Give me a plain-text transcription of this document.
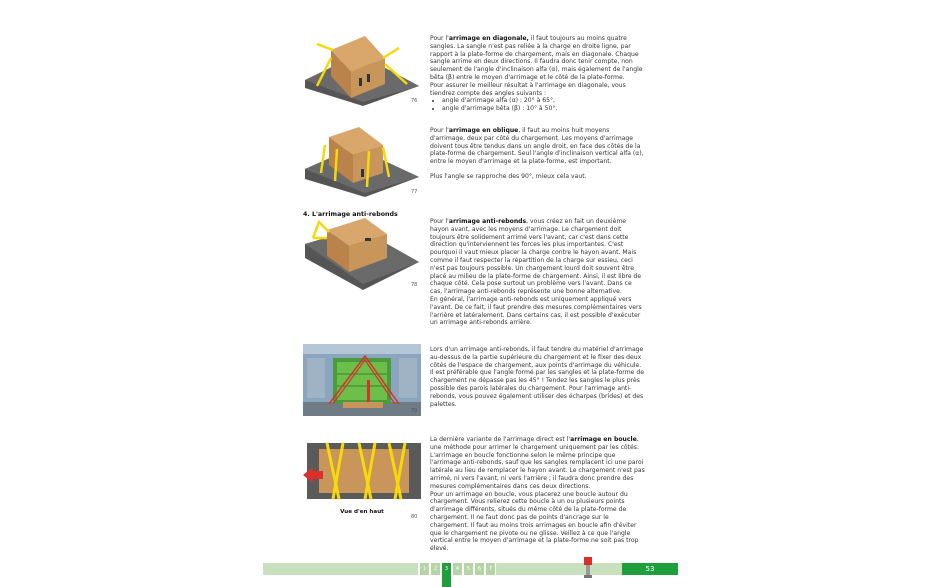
76
77

Pour l'arrimage en diagonale, il faut toujours au moins quatre sangles. La sangle n'est pas reliée à la charge en droite ligne, par rapport à la plate-forme de chargement, mais en diagonale. Chaque sangle arrime en deux directions. Il faudra donc tenir compte, non seulement de l'angle d'inclinaison alfa (α), mais également de l'angle bêta (β) entre le moyen d'arrimage et le côté de la plate-forme.

Pour assurer le meilleur résultat à l'arrimage en diagonale, vous tiendrez compte des angles suivants :

• angle d'arrimage alfa (α) : 20° à 65°,
• angle d'arrimage bêta (β) : 10° à 50°.

Pour l'arrimage en oblique, il faut au moins huit moyens d'arrimage, deux par côté du chargement. Les moyens d'arrimage doivent tous être tendus dans un angle droit, en face des côtés de la plate-forme de chargement. Seul l'angle d'inclinaison vertical alfa (α), entre le moyen d'arrimage et la plate-forme, est important.

Plus l'angle se rapproche des 90°, mieux cela vaut.

4. L'arrimage anti-rebonds
78

Pour l'arrimage anti-rebonds, vous créez en fait un deuxième hayon avant, avec les moyens d'arrimage. Le chargement doit toujours être solidement arrimé vers l'avant, car c'est dans cette direction qu'interviennent les forces les plus importantes. C'est pourquoi il vaut mieux placer la charge contre le hayon avant. Mais comme il faut respecter la répartition de la charge sur essieu, ceci n'est pas toujours possible. Un chargement lourd doit souvent être placé au milieu de la plate-forme de chargement. Ainsi, il est libre de chaque côté. Cela pose surtout un problème vers l'avant. Dans ce cas, l'arrimage anti-rebonds représente une bonne alternative.

En général, l'arrimage anti-rebonds est uniquement appliqué vers l'avant. De ce fait, il faut prendre des mesures complémentaires vers l'arrière et latéralement. Dans certains cas, il est possible d'exécuter un arrimage anti-rebonds arrière.

79

Lors d'un arrimage anti-rebonds, il faut tendre du matériel d'arrimage au-dessus de la partie supérieure du chargement et le fixer des deux côtés de l'espace de chargement, aux points d'arrimage du véhicule. Il est préférable que l'angle formé par les sangles et la plate-forme de chargement ne dépasse pas les 45° ! Tendez les sangles le plus près possible des parois latérales du chargement. Pour l'arrimage anti-rebonds, vous pouvez également utiliser des écharpes (brides) et des palettes.

Vue d'en haut
80

La dernière variante de l'arrimage direct est l'arrimage en boucle, une méthode pour arrimer le chargement uniquement par les côtés. L'arrimage en boucle fonctionne selon le même principe que l'arrimage anti-rebonds, sauf que les sangles remplacent ici une paroi latérale au lieu de remplacer le hayon avant. Le chargement n'est pas arrimé, ni vers l'avant, ni vers l'arrière ; il faudra donc prendre des mesures complémentaires dans ces deux directions.

Pour un arrimage en boucle, vous placerez une boucle autour du chargement. Vous relierez cette boucle à un ou plusieurs points d'arrimage différents, situés du même côté de la plate-forme de chargement. Il ne faut donc pas de points d'ancrage sur le chargement. Il faut au moins trois arrimages en boucle afin d'éviter que le chargement ne pivote ou ne glisse. Veillez à ce que l'angle vertical entre le moyen d'arrimage et la plate-forme ne soit pas trop élevé.

1	2	3	4	5	6	7	53
